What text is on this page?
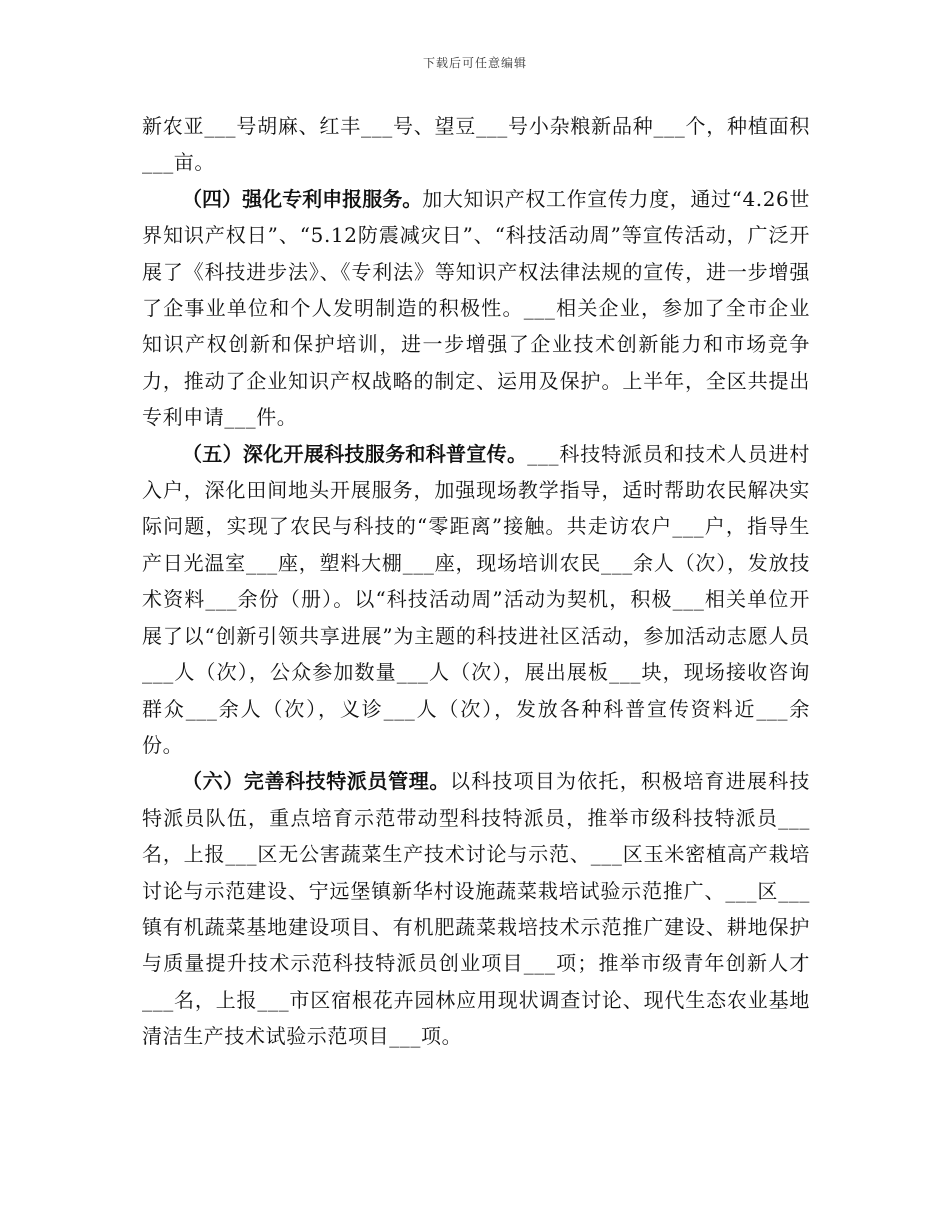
下载后可任意编辑

新农亚___号胡麻、红丰___号、望豆___号小杂粮新品种___个，种植面积___亩。

（四）强化专利申报服务。加大知识产权工作宣传力度，通过“4.26世界知识产权日”、“5.12防震减灾日”、“科技活动周”等宣传活动，广泛开展了《科技进步法》、《专利法》等知识产权法律法规的宣传，进一步增强了企事业单位和个人发明制造的积极性。___相关企业，参加了全市企业知识产权创新和保护培训，进一步增强了企业技术创新能力和市场竞争力，推动了企业知识产权战略的制定、运用及保护。上半年，全区共提出专利申请___件。

（五）深化开展科技服务和科普宣传。___科技特派员和技术人员进村入户，深化田间地头开展服务，加强现场教学指导，适时帮助农民解决实际问题，实现了农民与科技的“零距离”接触。共走访农户___户，指导生产日光温室___座，塑料大棚___座，现场培训农民___余人（次），发放技术资料___余份（册）。以“科技活动周”活动为契机，积极___相关单位开展了以“创新引领共享进展”为主题的科技进社区活动，参加活动志愿人员___人（次），公众参加数量___人（次），展出展板___块，现场接收咨询群众___余人（次），义诊___人（次），发放各种科普宣传资料近___余份。

（六）完善科技特派员管理。以科技项目为依托，积极培育进展科技特派员队伍，重点培育示范带动型科技特派员，推举市级科技特派员___名，上报___区无公害蔬菜生产技术讨论与示范、___区玉米密植高产栽培讨论与示范建设、宁远堡镇新华村设施蔬菜栽培试验示范推广、___区___镇有机蔬菜基地建设项目、有机肥蔬菜栽培技术示范推广建设、耕地保护与质量提升技术示范科技特派员创业项目___项；推举市级青年创新人才___名，上报___市区宿根花卉园林应用现状调查讨论、现代生态农业基地清洁生产技术试验示范项目___项。
